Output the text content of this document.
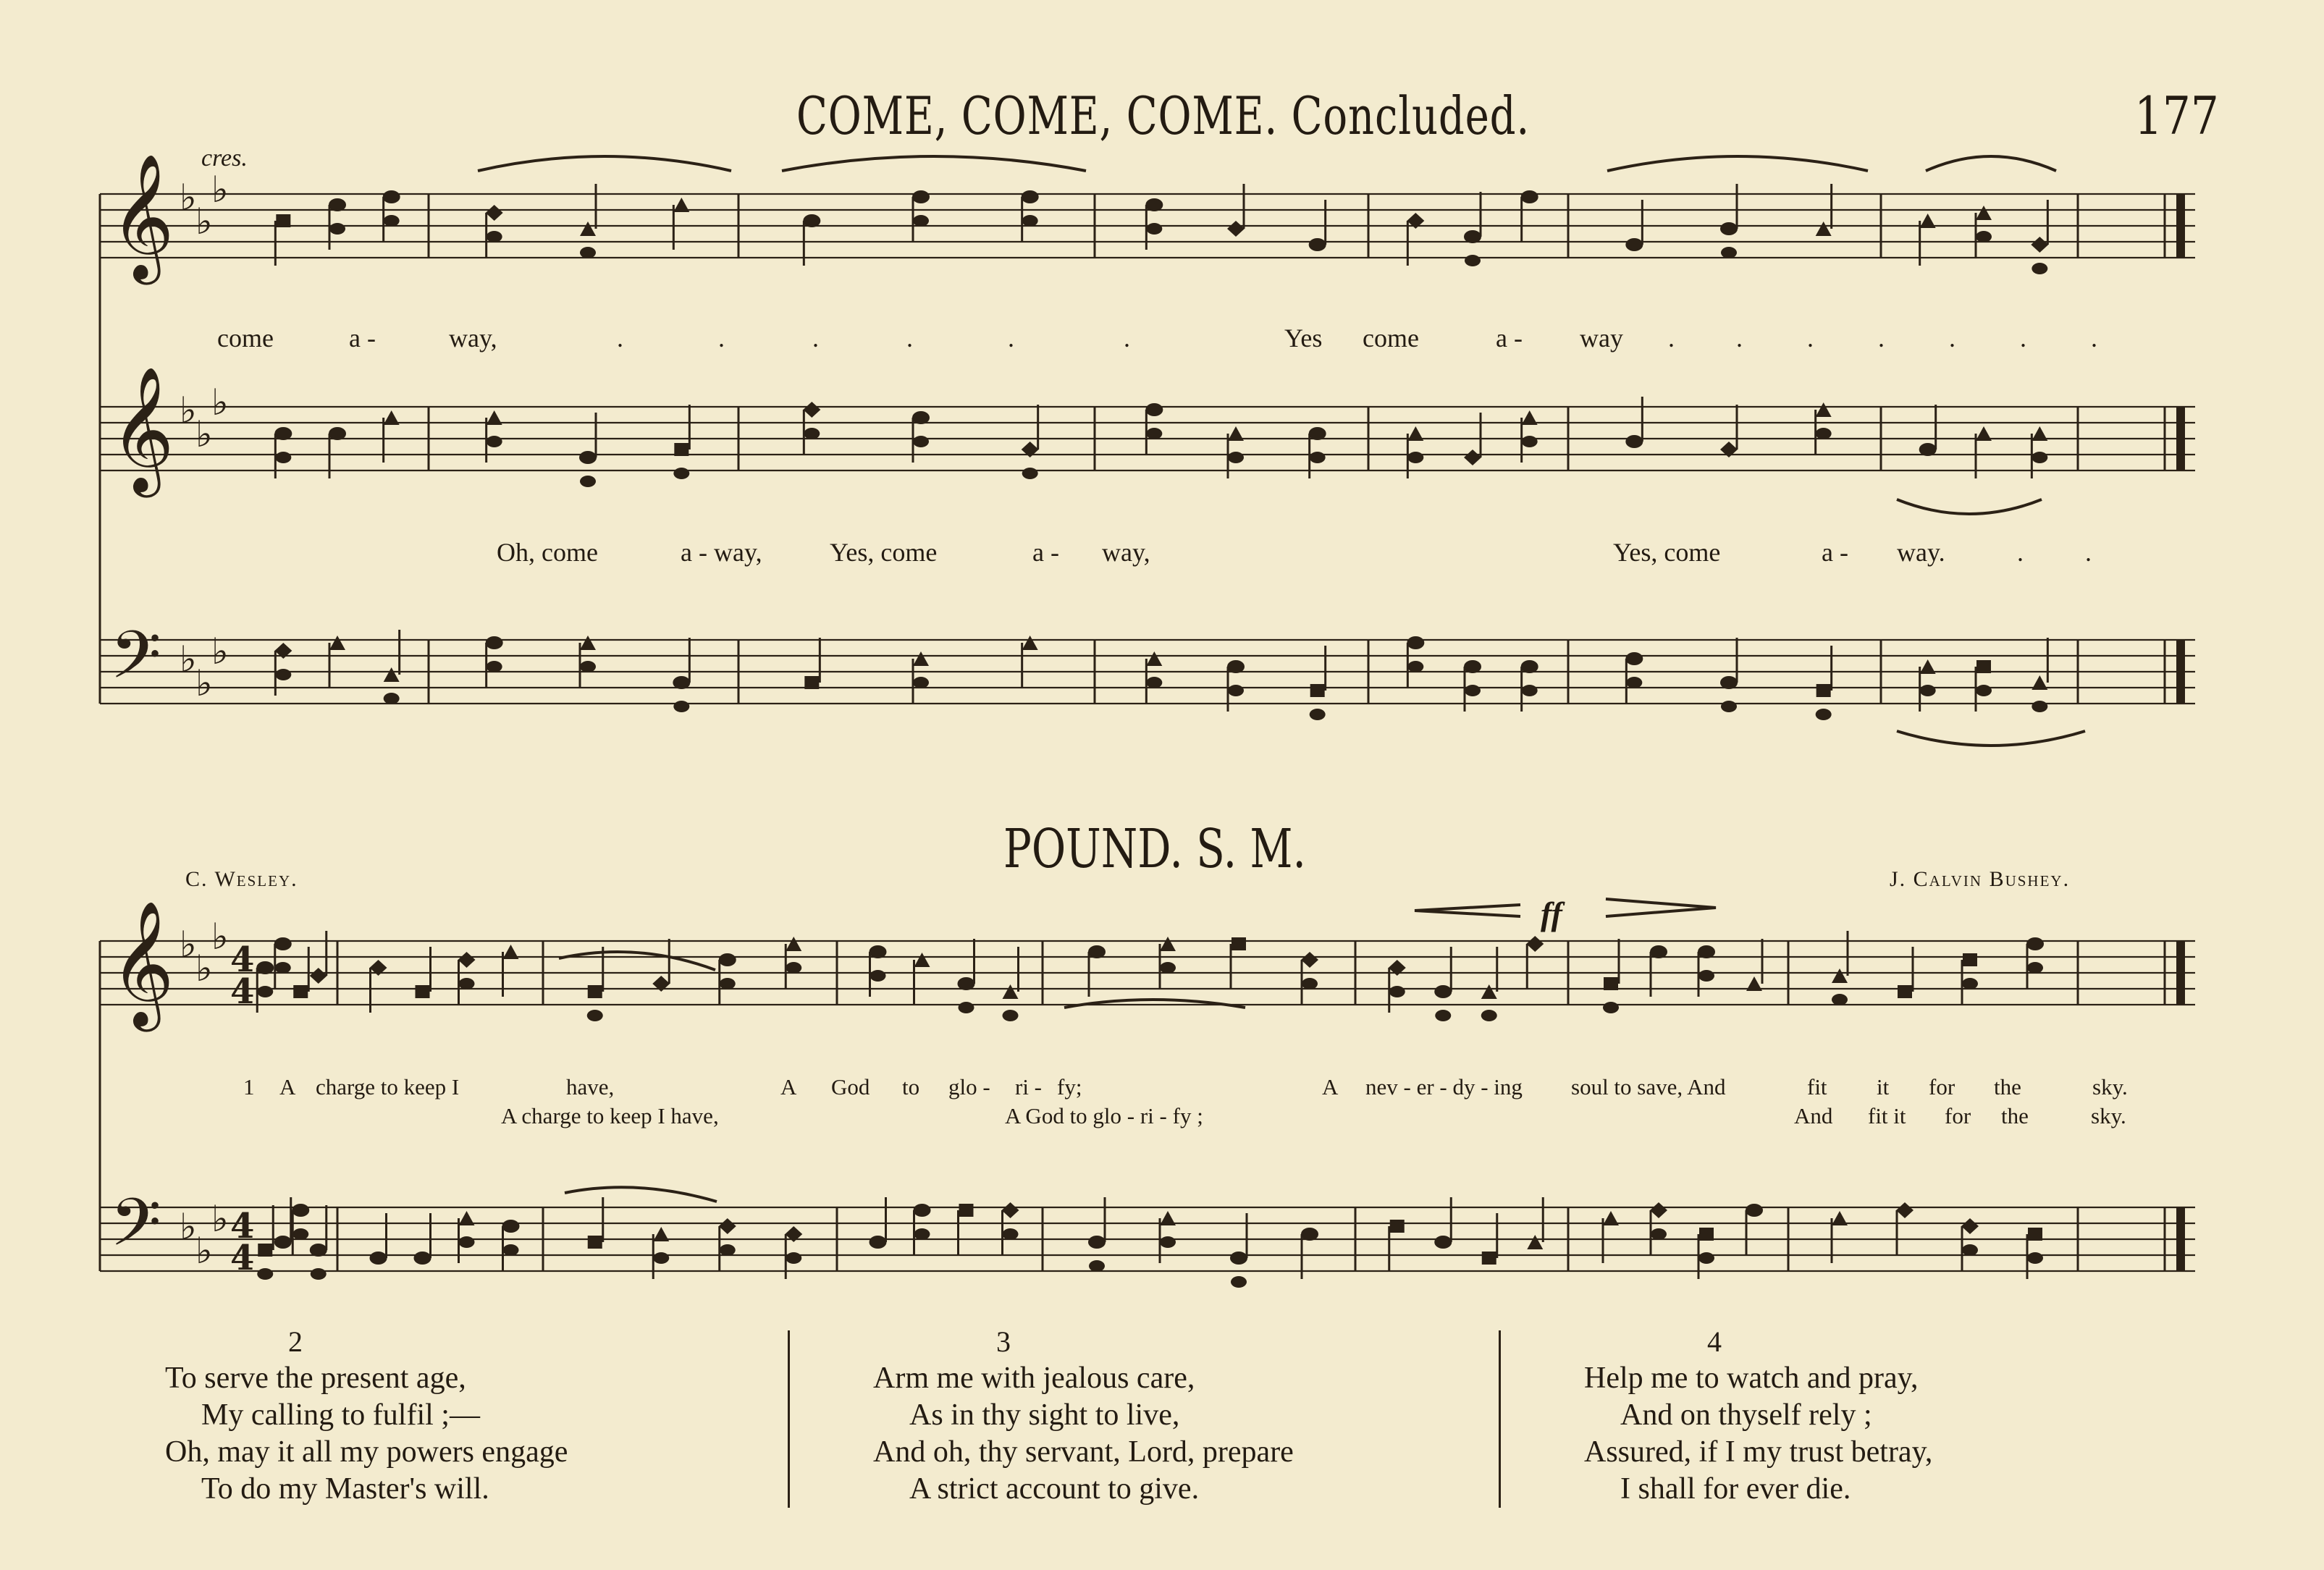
COME, COME, COME. Concluded.	177
𝄞 ♭
♭
♭
𝄞 ♭
♭
♭
𝄢 ♭
♭
♭
𝄞 ♭
♭
♭
𝄢 ♭
♭
♭
4
4
4
4
cres.
ff
come	a -	way,	.	.	.	.	.	.	Yes come	a - way . . . . . . .
Oh, come	a - way,	Yes, come	a - way,	Yes, come	a - way.	. .
POUND. S. M.
C. Wesley.	J. Calvin Bushey.
1 A charge to keep I	have,	A God to glo - ri - fy;	A nev - er - dy - ing soul to save, And	fit it for the	sky.
A charge to keep I have,	A God to glo - ri - fy ;	And fit it for the	sky.
2
To serve the present age,
My calling to fulfil ;—
Oh, may it all my powers engage
To do my Master's will.
3
Arm me with jealous care,
As in thy sight to live,
And oh, thy servant, Lord, prepare
A strict account to give.
4
Help me to watch and pray,
And on thyself rely ;
Assured, if I my trust betray,
I shall for ever die.
